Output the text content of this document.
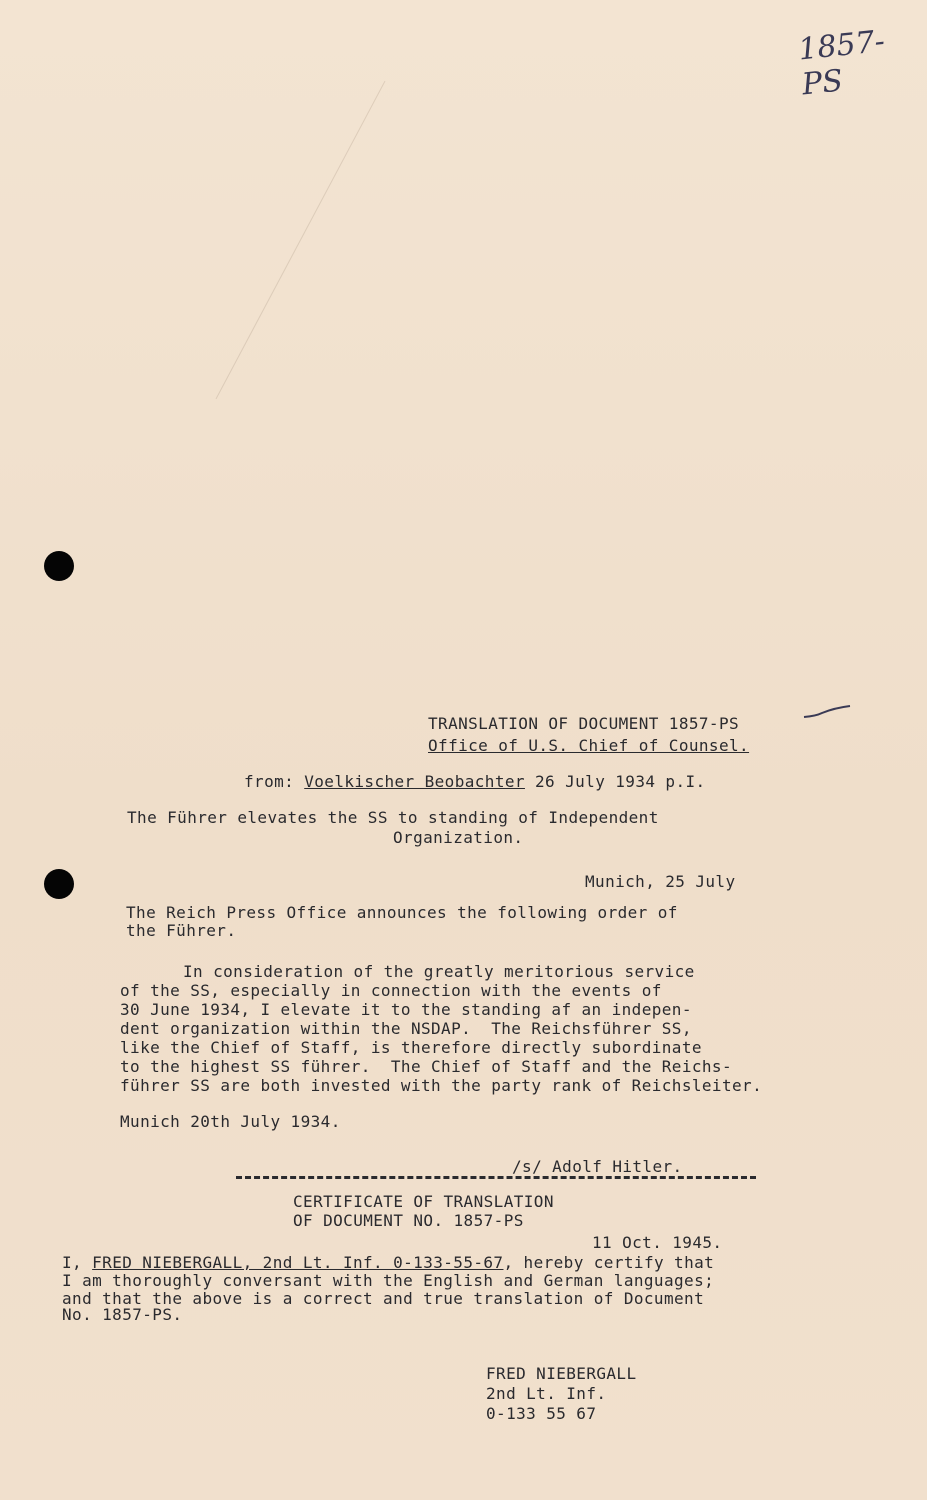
1857-PS
TRANSLATION OF DOCUMENT 1857-PS
Office of U.S. Chief of Counsel.
from: Voelkischer Beobachter 26 July 1934 p.I.
The Führer elevates the SS to standing of Independent
Organization.
Munich, 25 July
The Reich Press Office announces the following order of
the Führer.
In consideration of the greatly meritorious service
of the SS, especially in connection with the events of
30 June 1934, I elevate it to the standing af an indepen-
dent organization within the NSDAP.  The Reichsführer SS,
like the Chief of Staff, is therefore directly subordinate
to the highest SS führer.  The Chief of Staff and the Reichs-
führer SS are both invested with the party rank of Reichsleiter.
Munich 20th July 1934.
/s/ Adolf Hitler.
CERTIFICATE OF TRANSLATION
OF DOCUMENT NO. 1857-PS
11 Oct. 1945.
I, FRED NIEBERGALL, 2nd Lt. Inf. 0-133-55-67, hereby certify that
I am thoroughly conversant with the English and German languages;
and that the above is a correct and true translation of Document
No. 1857-PS.
FRED NIEBERGALL
2nd Lt. Inf.
0-133 55 67
